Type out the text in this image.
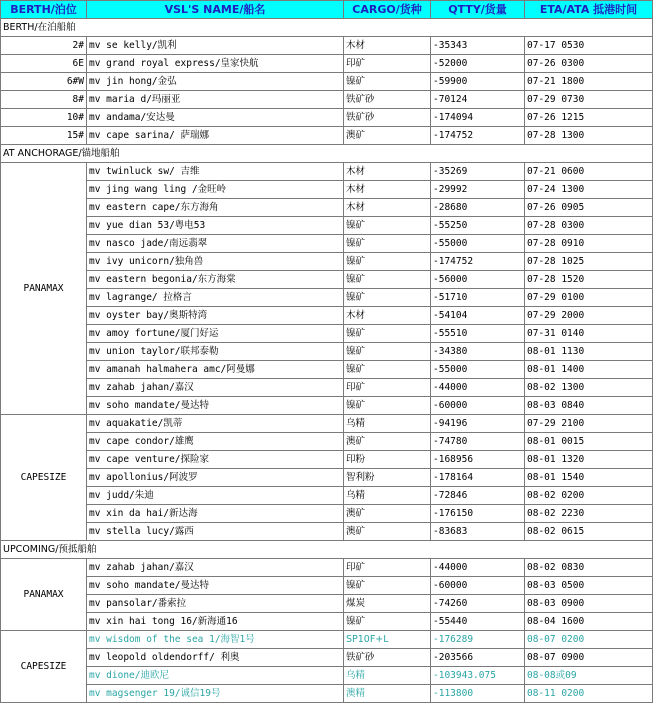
BERTH/泊位	VSL'S NAME/船名	CARGO/货种	QTTY/货量	ETA/ATA 抵港时间
BERTH/在泊船舶				
2#	mv se kelly/凯利	木材	-35343	07-17 0530
6E	mv grand royal express/皇家快航	印矿	-52000	07-26 0300
6#W	mv jin hong/金弘	镍矿	-59900	07-21 1800
8#	mv maria d/玛丽亚	铁矿砂	-70124	07-29 0730
10#	mv andama/安达曼	铁矿砂	-174094	07-26 1215
15#	mv cape sarina/ 萨瑞娜	澳矿	-174752	07-28 1300
AT ANCHORAGE/锚地船舶				
PANAMAX	mv twinluck sw/ 吉维	木材	-35269	07-21 0600
	mv jing wang ling /金旺岭	木材	-29992	07-24 1300
	mv eastern cape/东方海角	木材	-28680	07-26 0905
	mv yue dian 53/粤电53	镍矿	-55250	07-28 0300
	mv nasco jade/南远翡翠	镍矿	-55000	07-28 0910
	mv ivy unicorn/独角兽	镍矿	-174752	07-28 1025
	mv eastern begonia/东方海棠	镍矿	-56000	07-28 1520
	mv lagrange/ 拉格言	镍矿	-51710	07-29 0100
	mv oyster bay/奥斯特湾	木材	-54104	07-29 2000
	mv amoy fortune/厦门好运	镍矿	-55510	07-31 0140
	mv union taylor/联邦泰勒	镍矿	-34380	08-01 1130
	mv amanah halmahera amc/阿曼娜	镍矿	-55000	08-01 1400
	mv zahab jahan/嘉汉	印矿	-44000	08-02 1300
	mv soho mandate/曼达特	镍矿	-60000	08-03 0840
CAPESIZE	mv aquakatie/凯蒂	乌精	-94196	07-29 2100
	mv cape condor/雄鹰	澳矿	-74780	08-01 0015
	mv cape venture/探险家	印粉	-168956	08-01 1320
	mv apollonius/阿波罗	智利粉	-178164	08-01 1540
	mv judd/朱迪	乌精	-72846	08-02 0200
	mv xin da hai/新达海	澳矿	-176150	08-02 2230
	mv stella lucy/露西	澳矿	-83683	08-02 0615
UPCOMING/预抵船舶				
PANAMAX	mv zahab jahan/嘉汉	印矿	-44000	08-02 0830
	mv soho mandate/曼达特	镍矿	-60000	08-03 0500
	mv pansolar/番索拉	煤炭	-74260	08-03 0900
	mv xin hai tong 16/新海通16	镍矿	-55440	08-04 1600
CAPESIZE	mv wisdom of the sea 1/海智1号	SP10F+L	-176289	08-07 0200
	mv leopold oldendorff/ 利奥	铁矿砂	-203566	08-07 0900
	mv dione/迪欧尼	乌精	-103943.075	08-08或09
	mv magsenger 19/诚信19号	澳精	-113800	08-11 0200
